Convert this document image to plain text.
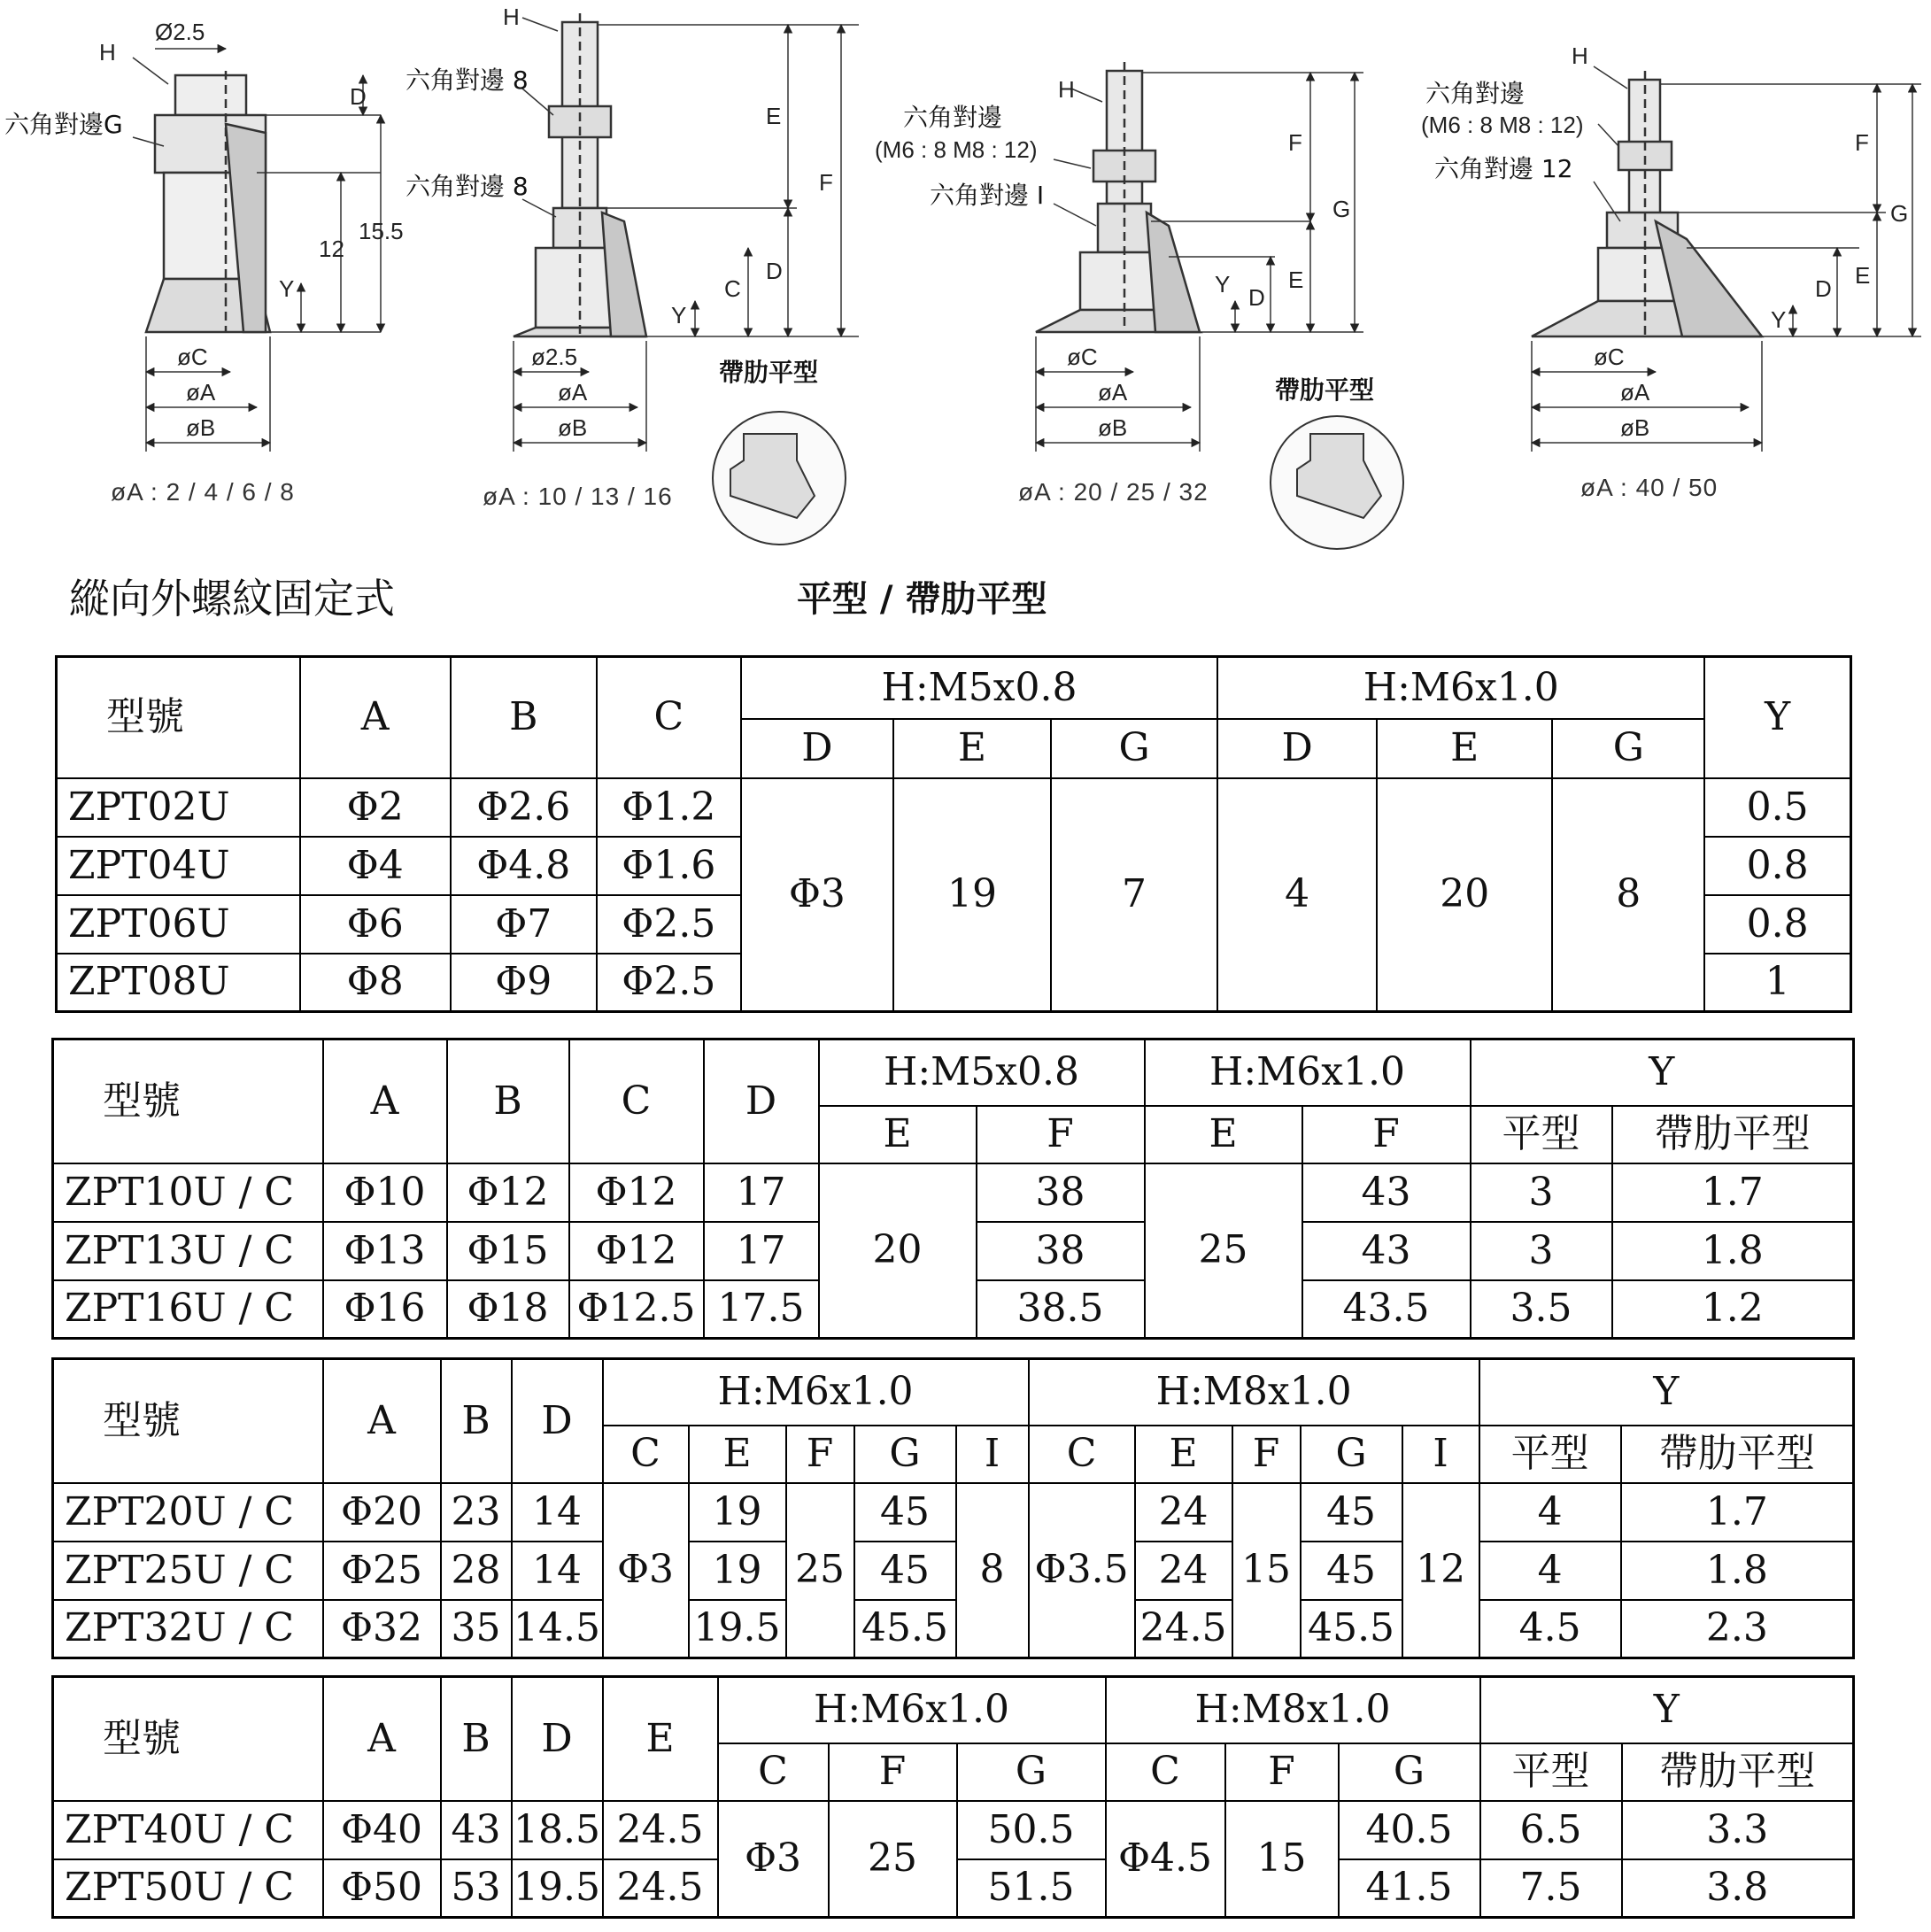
H
Ø2.5
六角對邊G
D
12
15.5
Y
øC
øA
øB
øA : 2 / 4 / 6 / 8
H
六角對邊 8
六角對邊 8
E
F
D
C
Y
ø2.5
øA
øB
øA : 10 / 13 / 16
帶肋平型
H
六角對邊
(M6 : 8 M8 : 12)
六角對邊 I
F
G
E
Y D
øC
øA
øB
øA : 20 / 25 / 32
帶肋平型
H
六角對邊
(M6 : 8 M8 : 12)
六角對邊 12
F
G
E
D
Y
øC
øA
øB
øA : 40 / 50
縱向外螺紋固定式	平型 / 帶肋平型
型號	A	B	C	H:M5x0.8			H:M6x1.0			Y
				D	E	G	D	E	G	
ZPT02U	Φ2	Φ2.6	Φ1.2	Φ3	19	7	4	20	8	0.5
ZPT04U	Φ4	Φ4.8	Φ1.6							0.8
ZPT06U	Φ6	Φ7	Φ2.5							0.8
ZPT08U	Φ8	Φ9	Φ2.5							1
型號	A	B	C	D	H:M5x0.8		H:M6x1.0		Y	
					E	F	E	F	平型	帶肋平型
ZPT10U / C	Φ10	Φ12	Φ12	17	20	38	25	43	3	1.7
ZPT13U / C	Φ13	Φ15	Φ12	17		38		43	3	1.8
ZPT16U / C	Φ16	Φ18	Φ12.5	17.5		38.5		43.5	3.5	1.2
型號	A	B	D	H:M6x1.0					H:M8x1.0					Y	
				C	E	F	G	I	C	E	F	G	I	平型	帶肋平型
ZPT20U / C	Φ20	23	14	Φ3	19	25	45	8	Φ3.5	24	15	45	12	4	1.7
ZPT25U / C	Φ25	28	14		19		45			24		45		4	1.8
ZPT32U / C	Φ32	35	14.5		19.5		45.5			24.5		45.5		4.5	2.3
型號	A	B	D	E	H:M6x1.0			H:M8x1.0			Y	
					C	F	G	C	F	G	平型	帶肋平型
ZPT40U / C	Φ40	43	18.5	24.5	Φ3	25	50.5	Φ4.5	15	40.5	6.5	3.3
ZPT50U / C	Φ50	53	19.5	24.5			51.5			41.5	7.5	3.8
